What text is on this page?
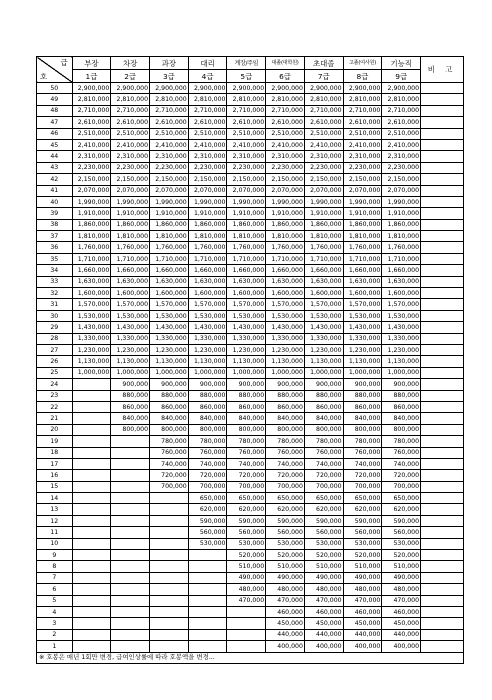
급
호	부장	차장	과장	대리	계장/주임	대졸(대학원)	초대졸	고졸(여사원)	기능직	비 고
	1급	2급	3급	4급	5급	6급	7급	8급	9급	
50	2,900,000	2,900,000	2,900,000	2,900,000	2,900,000	2,900,000	2,900,000	2,900,000	2,900,000	
49	2,810,000	2,810,000	2,810,000	2,810,000	2,810,000	2,810,000	2,810,000	2,810,000	2,810,000	
48	2,710,000	2,710,000	2,710,000	2,710,000	2,710,000	2,710,000	2,710,000	2,710,000	2,710,000	
47	2,610,000	2,610,000	2,610,000	2,610,000	2,610,000	2,610,000	2,610,000	2,610,000	2,610,000	
46	2,510,000	2,510,000	2,510,000	2,510,000	2,510,000	2,510,000	2,510,000	2,510,000	2,510,000	
45	2,410,000	2,410,000	2,410,000	2,410,000	2,410,000	2,410,000	2,410,000	2,410,000	2,410,000	
44	2,310,000	2,310,000	2,310,000	2,310,000	2,310,000	2,310,000	2,310,000	2,310,000	2,310,000	
43	2,230,000	2,230,000	2,230,000	2,230,000	2,230,000	2,230,000	2,230,000	2,230,000	2,230,000	
42	2,150,000	2,150,000	2,150,000	2,150,000	2,150,000	2,150,000	2,150,000	2,150,000	2,150,000	
41	2,070,000	2,070,000	2,070,000	2,070,000	2,070,000	2,070,000	2,070,000	2,070,000	2,070,000	
40	1,990,000	1,990,000	1,990,000	1,990,000	1,990,000	1,990,000	1,990,000	1,990,000	1,990,000	
39	1,910,000	1,910,000	1,910,000	1,910,000	1,910,000	1,910,000	1,910,000	1,910,000	1,910,000	
38	1,860,000	1,860,000	1,860,000	1,860,000	1,860,000	1,860,000	1,860,000	1,860,000	1,860,000	
37	1,810,000	1,810,000	1,810,000	1,810,000	1,810,000	1,810,000	1,810,000	1,810,000	1,810,000	
36	1,760,000	1,760,000	1,760,000	1,760,000	1,760,000	1,760,000	1,760,000	1,760,000	1,760,000	
35	1,710,000	1,710,000	1,710,000	1,710,000	1,710,000	1,710,000	1,710,000	1,710,000	1,710,000	
34	1,660,000	1,660,000	1,660,000	1,660,000	1,660,000	1,660,000	1,660,000	1,660,000	1,660,000	
33	1,630,000	1,630,000	1,630,000	1,630,000	1,630,000	1,630,000	1,630,000	1,630,000	1,630,000	
32	1,600,000	1,600,000	1,600,000	1,600,000	1,600,000	1,600,000	1,600,000	1,600,000	1,600,000	
31	1,570,000	1,570,000	1,570,000	1,570,000	1,570,000	1,570,000	1,570,000	1,570,000	1,570,000	
30	1,530,000	1,530,000	1,530,000	1,530,000	1,530,000	1,530,000	1,530,000	1,530,000	1,530,000	
29	1,430,000	1,430,000	1,430,000	1,430,000	1,430,000	1,430,000	1,430,000	1,430,000	1,430,000	
28	1,330,000	1,330,000	1,330,000	1,330,000	1,330,000	1,330,000	1,330,000	1,330,000	1,330,000	
27	1,230,000	1,230,000	1,230,000	1,230,000	1,230,000	1,230,000	1,230,000	1,230,000	1,230,000	
26	1,130,000	1,130,000	1,130,000	1,130,000	1,130,000	1,130,000	1,130,000	1,130,000	1,130,000	
25	1,000,000	1,000,000	1,000,000	1,000,000	1,000,000	1,000,000	1,000,000	1,000,000	1,000,000	
24		900,000	900,000	900,000	900,000	900,000	900,000	900,000	900,000	
23		880,000	880,000	880,000	880,000	880,000	880,000	880,000	880,000	
22		860,000	860,000	860,000	860,000	860,000	860,000	860,000	860,000	
21		840,000	840,000	840,000	840,000	840,000	840,000	840,000	840,000	
20		800,000	800,000	800,000	800,000	800,000	800,000	800,000	800,000	
19			780,000	780,000	780,000	780,000	780,000	780,000	780,000	
18			760,000	760,000	760,000	760,000	760,000	760,000	760,000	
17			740,000	740,000	740,000	740,000	740,000	740,000	740,000	
16			720,000	720,000	720,000	720,000	720,000	720,000	720,000	
15			700,000	700,000	700,000	700,000	700,000	700,000	700,000	
14				650,000	650,000	650,000	650,000	650,000	650,000	
13				620,000	620,000	620,000	620,000	620,000	620,000	
12				590,000	590,000	590,000	590,000	590,000	590,000	
11				560,000	560,000	560,000	560,000	560,000	560,000	
10				530,000	530,000	530,000	530,000	530,000	530,000	
9					520,000	520,000	520,000	520,000	520,000	
8					510,000	510,000	510,000	510,000	510,000	
7					490,000	490,000	490,000	490,000	490,000	
6					480,000	480,000	480,000	480,000	480,000	
5					470,000	470,000	470,000	470,000	470,000	
4						460,000	460,000	460,000	460,000	
3						450,000	450,000	450,000	450,000	
2						440,000	440,000	440,000	440,000	
1						400,000	400,000	400,000	400,000	
※ 호봉은 매년 1회만 변경, 급여인상률에 따라 호봉액을 변경...										
